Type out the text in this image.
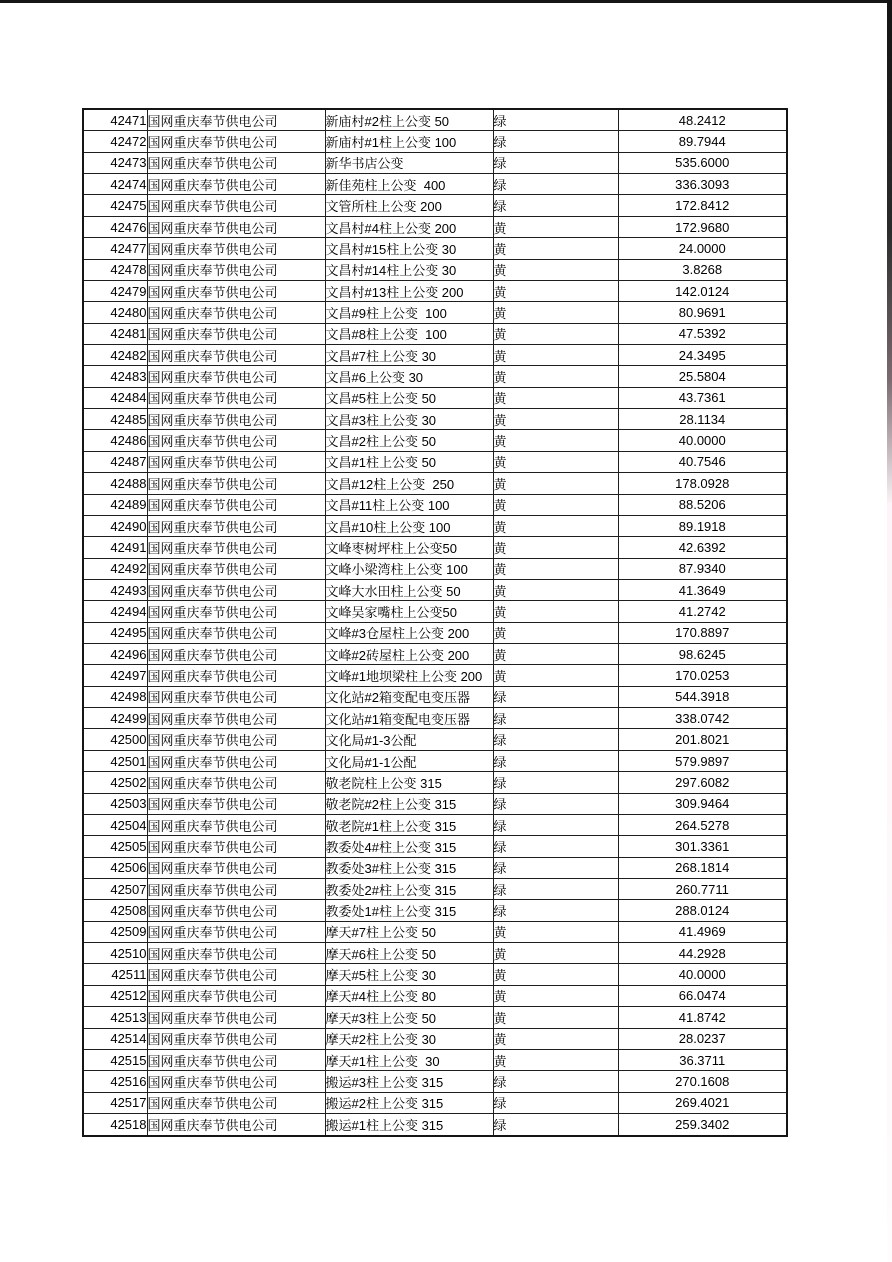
42471	国网重庆奉节供电公司	新庙村#2柱上公变 50	绿	48.2412
42472	国网重庆奉节供电公司	新庙村#1柱上公变 100	绿	89.7944
42473	国网重庆奉节供电公司	新华书店公变	绿	535.6000
42474	国网重庆奉节供电公司	新佳苑柱上公变  400	绿	336.3093
42475	国网重庆奉节供电公司	文管所柱上公变 200	绿	172.8412
42476	国网重庆奉节供电公司	文昌村#4柱上公变 200	黄	172.9680
42477	国网重庆奉节供电公司	文昌村#15柱上公变 30	黄	24.0000
42478	国网重庆奉节供电公司	文昌村#14柱上公变 30	黄	3.8268
42479	国网重庆奉节供电公司	文昌村#13柱上公变 200	黄	142.0124
42480	国网重庆奉节供电公司	文昌#9柱上公变  100	黄	80.9691
42481	国网重庆奉节供电公司	文昌#8柱上公变  100	黄	47.5392
42482	国网重庆奉节供电公司	文昌#7柱上公变 30	黄	24.3495
42483	国网重庆奉节供电公司	文昌#6上公变 30	黄	25.5804
42484	国网重庆奉节供电公司	文昌#5柱上公变 50	黄	43.7361
42485	国网重庆奉节供电公司	文昌#3柱上公变 30	黄	28.1134
42486	国网重庆奉节供电公司	文昌#2柱上公变 50	黄	40.0000
42487	国网重庆奉节供电公司	文昌#1柱上公变 50	黄	40.7546
42488	国网重庆奉节供电公司	文昌#12柱上公变  250	黄	178.0928
42489	国网重庆奉节供电公司	文昌#11柱上公变 100	黄	88.5206
42490	国网重庆奉节供电公司	文昌#10柱上公变 100	黄	89.1918
42491	国网重庆奉节供电公司	文峰枣树坪柱上公变50	黄	42.6392
42492	国网重庆奉节供电公司	文峰小梁湾柱上公变 100	黄	87.9340
42493	国网重庆奉节供电公司	文峰大水田柱上公变 50	黄	41.3649
42494	国网重庆奉节供电公司	文峰吴家嘴柱上公变50	黄	41.2742
42495	国网重庆奉节供电公司	文峰#3仓屋柱上公变 200	黄	170.8897
42496	国网重庆奉节供电公司	文峰#2砖屋柱上公变 200	黄	98.6245
42497	国网重庆奉节供电公司	文峰#1地坝梁柱上公变 200	黄	170.0253
42498	国网重庆奉节供电公司	文化站#2箱变配电变压器	绿	544.3918
42499	国网重庆奉节供电公司	文化站#1箱变配电变压器	绿	338.0742
42500	国网重庆奉节供电公司	文化局#1-3公配	绿	201.8021
42501	国网重庆奉节供电公司	文化局#1-1公配	绿	579.9897
42502	国网重庆奉节供电公司	敬老院柱上公变 315	绿	297.6082
42503	国网重庆奉节供电公司	敬老院#2柱上公变 315	绿	309.9464
42504	国网重庆奉节供电公司	敬老院#1柱上公变 315	绿	264.5278
42505	国网重庆奉节供电公司	教委处4#柱上公变 315	绿	301.3361
42506	国网重庆奉节供电公司	教委处3#柱上公变 315	绿	268.1814
42507	国网重庆奉节供电公司	教委处2#柱上公变 315	绿	260.7711
42508	国网重庆奉节供电公司	教委处1#柱上公变 315	绿	288.0124
42509	国网重庆奉节供电公司	摩天#7柱上公变 50	黄	41.4969
42510	国网重庆奉节供电公司	摩天#6柱上公变 50	黄	44.2928
42511	国网重庆奉节供电公司	摩天#5柱上公变 30	黄	40.0000
42512	国网重庆奉节供电公司	摩天#4柱上公变 80	黄	66.0474
42513	国网重庆奉节供电公司	摩天#3柱上公变 50	黄	41.8742
42514	国网重庆奉节供电公司	摩天#2柱上公变 30	黄	28.0237
42515	国网重庆奉节供电公司	摩天#1柱上公变  30	黄	36.3711
42516	国网重庆奉节供电公司	搬运#3柱上公变 315	绿	270.1608
42517	国网重庆奉节供电公司	搬运#2柱上公变 315	绿	269.4021
42518	国网重庆奉节供电公司	搬运#1柱上公变 315	绿	259.3402
